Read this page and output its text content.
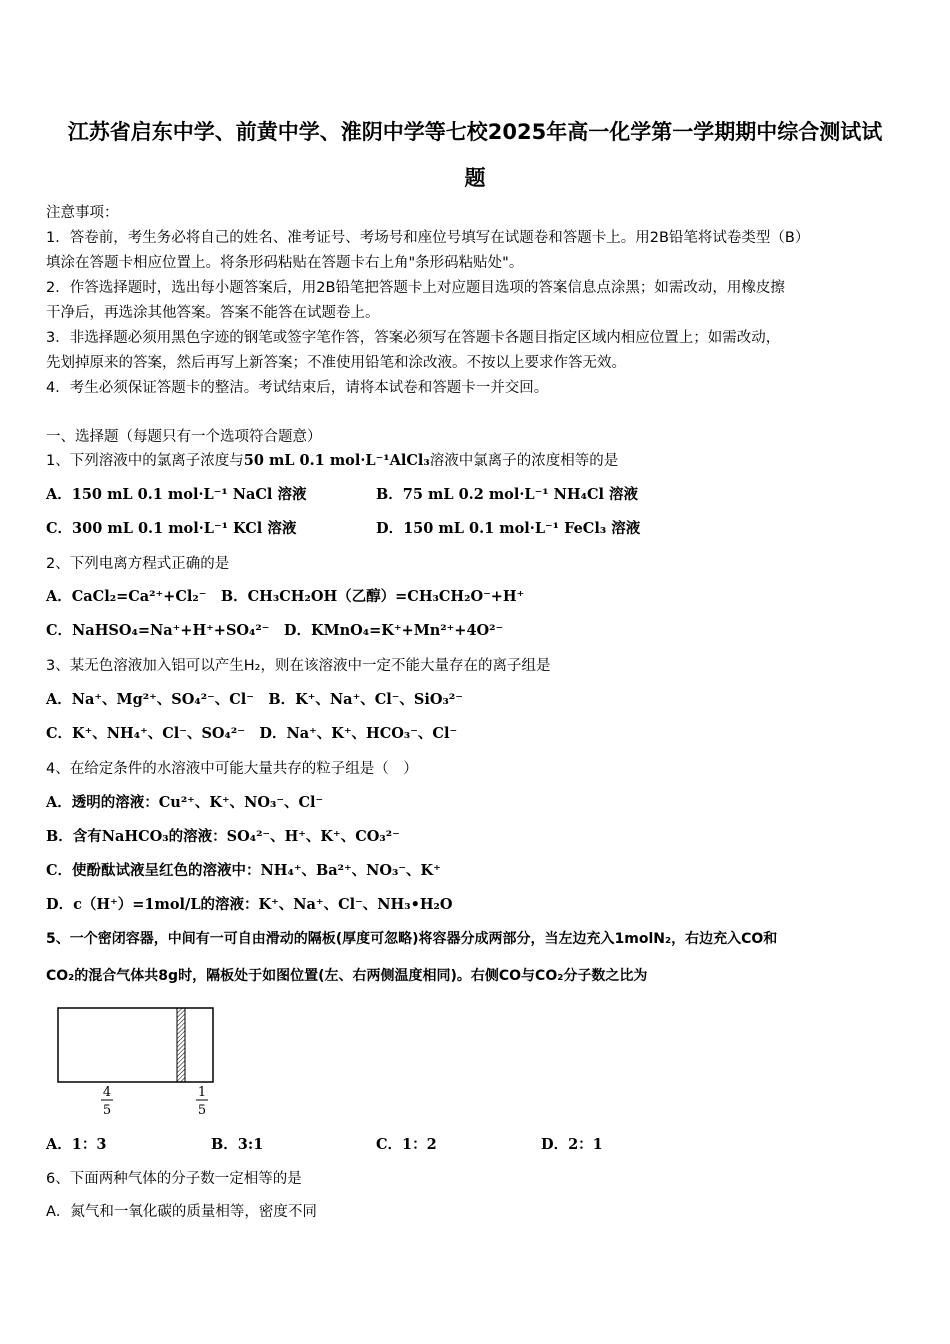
江苏省启东中学、前黄中学、淮阴中学等七校2025年高一化学第一学期期中综合测试试
题
注意事项：
1．答卷前，考生务必将自己的姓名、准考证号、考场号和座位号填写在试题卷和答题卡上。用2B铅笔将试卷类型（B）
填涂在答题卡相应位置上。将条形码粘贴在答题卡右上角"条形码粘贴处"。
2．作答选择题时，选出每小题答案后，用2B铅笔把答题卡上对应题目选项的答案信息点涂黑；如需改动，用橡皮擦
干净后，再选涂其他答案。答案不能答在试题卷上。
3．非选择题必须用黑色字迹的钢笔或签字笔作答，答案必须写在答题卡各题目指定区域内相应位置上；如需改动，
先划掉原来的答案，然后再写上新答案；不准使用铅笔和涂改液。不按以上要求作答无效。
4．考生必须保证答题卡的整洁。考试结束后，请将本试卷和答题卡一并交回。
一、选择题（每题只有一个选项符合题意）
1、下列溶液中的氯离子浓度与50 mL 0.1 mol·L⁻¹AlCl₃溶液中氯离子的浓度相等的是
A．150 mL 0.1 mol·L⁻¹ NaCl 溶液	B．75 mL 0.2 mol·L⁻¹ NH₄Cl 溶液
C．300 mL 0.1 mol·L⁻¹ KCl 溶液	D．150 mL 0.1 mol·L⁻¹ FeCl₃ 溶液
2、下列电离方程式正确的是
A．CaCl₂=Ca²⁺+Cl₂⁻　B．CH₃CH₂OH（乙醇）=CH₃CH₂O⁻+H⁺
C．NaHSO₄=Na⁺+H⁺+SO₄²⁻　D．KMnO₄=K⁺+Mn²⁺+4O²⁻
3、某无色溶液加入铝可以产生H₂，则在该溶液中一定不能大量存在的离子组是
A．Na⁺、Mg²⁺、SO₄²⁻、Cl⁻　B．K⁺、Na⁺、Cl⁻、SiO₃²⁻
C．K⁺、NH₄⁺、Cl⁻、SO₄²⁻　D．Na⁺、K⁺、HCO₃⁻、Cl⁻
4、在给定条件的水溶液中可能大量共存的粒子组是（　）
A．透明的溶液：Cu²⁺、K⁺、NO₃⁻、Cl⁻
B．含有NaHCO₃的溶液：SO₄²⁻、H⁺、K⁺、CO₃²⁻
C．使酚酞试液呈红色的溶液中：NH₄⁺、Ba²⁺、NO₃⁻、K⁺
D．c（H⁺）=1mol/L的溶液：K⁺、Na⁺、Cl⁻、NH₃•H₂O
5、一个密闭容器，中间有一可自由滑动的隔板(厚度可忽略)将容器分成两部分，当左边充入1molN₂，右边充入CO和
CO₂的混合气体共8g时，隔板处于如图位置(左、右两侧温度相同)。右侧CO与CO₂分子数之比为
4
5
1
5
A．1：3	B．3:1	C．1：2	D．2：1
6、下面两种气体的分子数一定相等的是
A．氮气和一氧化碳的质量相等，密度不同
